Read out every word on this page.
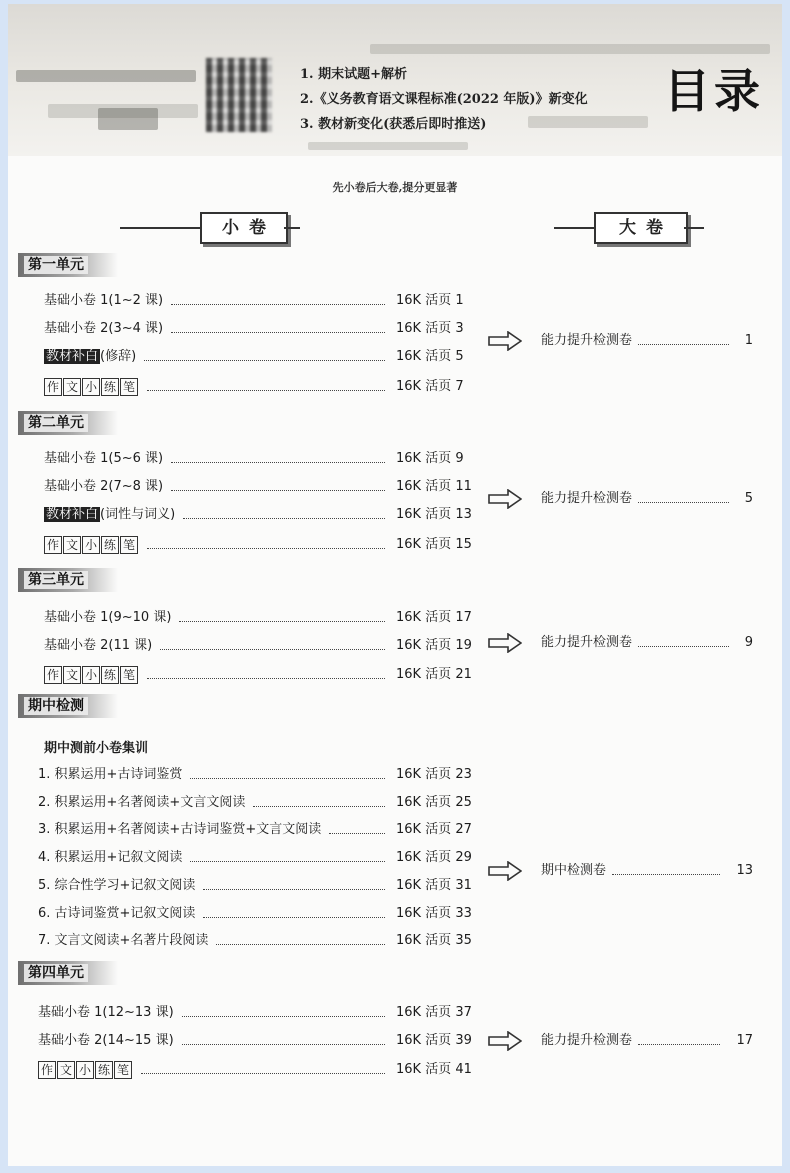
1. 期末试题+解析
2.《义务教育语文课程标准(2022 年版)》新变化
3. 教材新变化(获悉后即时推送)
目录
先小卷后大卷,提分更显著
小卷	大卷
第一单元
基础小卷 1(1~2 课)	16K 活页 1
基础小卷 2(3~4 课)	16K 活页 3
教材补白 (修辞)	16K 活页 5
作 文 小 练 笔	16K 活页 7
能力提升检测卷	1
第二单元
基础小卷 1(5~6 课)	16K 活页 9
基础小卷 2(7~8 课)	16K 活页 11
教材补白 (词性与词义)	16K 活页 13
作 文 小 练 笔	16K 活页 15
能力提升检测卷	5
第三单元
基础小卷 1(9~10 课)	16K 活页 17
基础小卷 2(11 课)	16K 活页 19
作 文 小 练 笔	16K 活页 21
能力提升检测卷	9
期中检测
期中测前小卷集训
1. 积累运用+古诗词鉴赏	16K 活页 23
2. 积累运用+名著阅读+文言文阅读	16K 活页 25
3. 积累运用+名著阅读+古诗词鉴赏+文言文阅读	16K 活页 27
4. 积累运用+记叙文阅读	16K 活页 29
5. 综合性学习+记叙文阅读	16K 活页 31
6. 古诗词鉴赏+记叙文阅读	16K 活页 33
7. 文言文阅读+名著片段阅读	16K 活页 35
期中检测卷	13
第四单元
基础小卷 1(12~13 课)	16K 活页 37
基础小卷 2(14~15 课)	16K 活页 39
作 文 小 练 笔	16K 活页 41
能力提升检测卷	17
